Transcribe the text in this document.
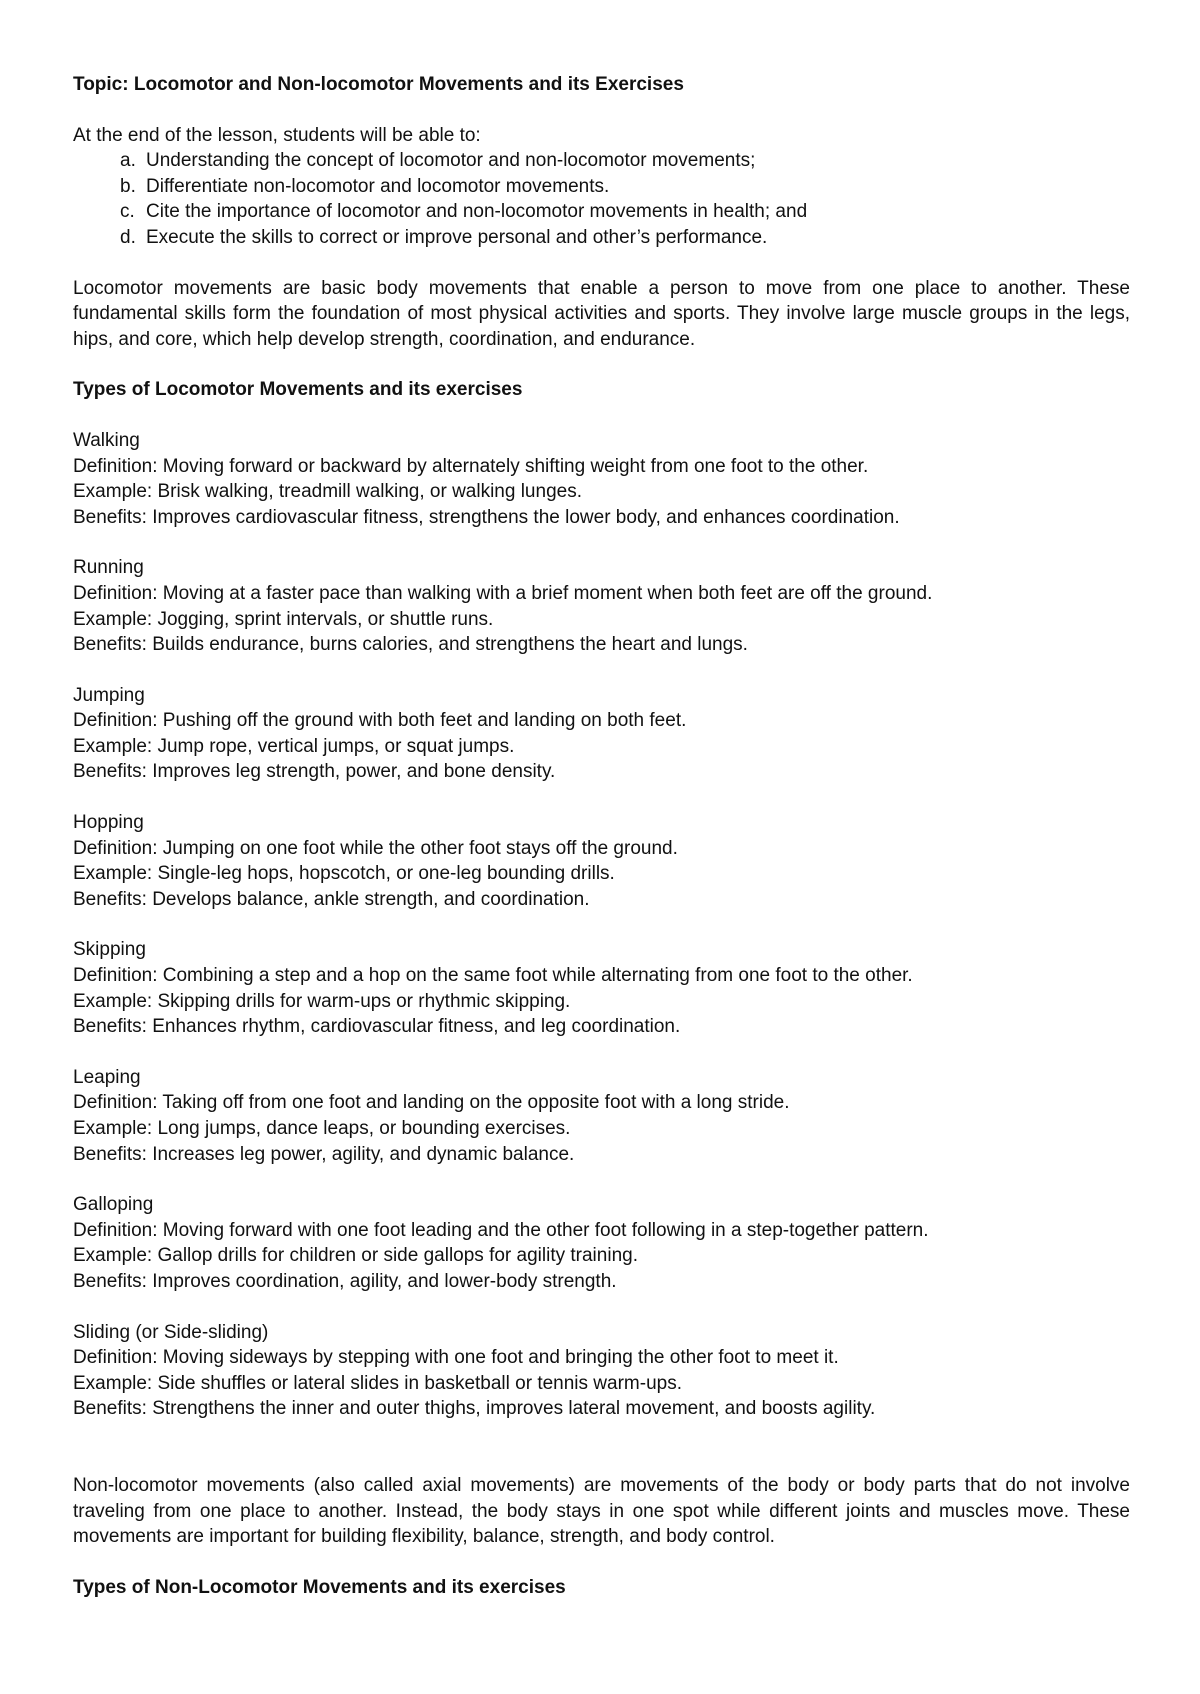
Topic: Locomotor and Non-locomotor Movements and its Exercises

At the end of the lesson, students will be able to:
a. Understanding the concept of locomotor and non-locomotor movements;
b. Differentiate non-locomotor and locomotor movements.
c. Cite the importance of locomotor and non-locomotor movements in health; and
d. Execute the skills to correct or improve personal and other’s performance.

Locomotor movements are basic body movements that enable a person to move from one place to another. These fundamental skills form the foundation of most physical activities and sports. They involve large muscle groups in the legs, hips, and core, which help develop strength, coordination, and endurance.

Types of Locomotor Movements and its exercises

Walking
Definition: Moving forward or backward by alternately shifting weight from one foot to the other.
Example: Brisk walking, treadmill walking, or walking lunges.
Benefits: Improves cardiovascular fitness, strengthens the lower body, and enhances coordination.
Running
Definition: Moving at a faster pace than walking with a brief moment when both feet are off the ground.
Example: Jogging, sprint intervals, or shuttle runs.
Benefits: Builds endurance, burns calories, and strengthens the heart and lungs.
Jumping
Definition: Pushing off the ground with both feet and landing on both feet.
Example: Jump rope, vertical jumps, or squat jumps.
Benefits: Improves leg strength, power, and bone density.
Hopping
Definition: Jumping on one foot while the other foot stays off the ground.
Example: Single-leg hops, hopscotch, or one-leg bounding drills.
Benefits: Develops balance, ankle strength, and coordination.
Skipping
Definition: Combining a step and a hop on the same foot while alternating from one foot to the other.
Example: Skipping drills for warm-ups or rhythmic skipping.
Benefits: Enhances rhythm, cardiovascular fitness, and leg coordination.
Leaping
Definition: Taking off from one foot and landing on the opposite foot with a long stride.
Example: Long jumps, dance leaps, or bounding exercises.
Benefits: Increases leg power, agility, and dynamic balance.
Galloping
Definition: Moving forward with one foot leading and the other foot following in a step-together pattern.
Example: Gallop drills for children or side gallops for agility training.
Benefits: Improves coordination, agility, and lower-body strength.
Sliding (or Side-sliding)
Definition: Moving sideways by stepping with one foot and bringing the other foot to meet it.
Example: Side shuffles or lateral slides in basketball or tennis warm-ups.
Benefits: Strengthens the inner and outer thighs, improves lateral movement, and boosts agility.

Non-locomotor movements (also called axial movements) are movements of the body or body parts that do not involve traveling from one place to another. Instead, the body stays in one spot while different joints and muscles move. These movements are important for building flexibility, balance, strength, and body control.

Types of Non-Locomotor Movements and its exercises
